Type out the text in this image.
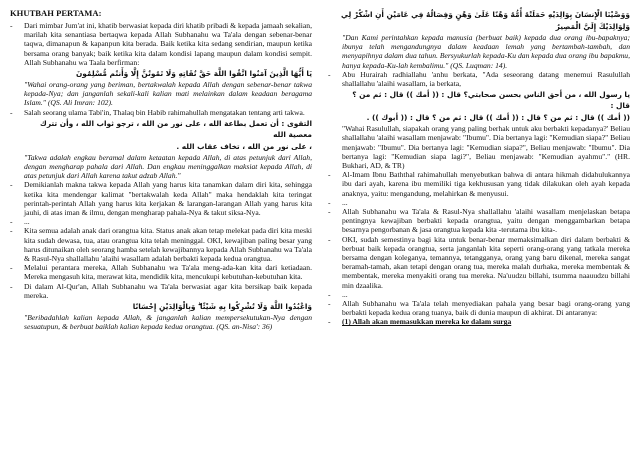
KHUTBAH PERTAMA:
-	Dari mimbar Jum'at ini, khatib berwasiat kepada diri khatib pribadi & kepada jamaah sekalian, marilah kita senantiasa bertaqwa kepada Allah Subhanahu wa Ta'ala dengan sebenar-benar taqwa, dimanapun & kapanpun kita berada. Baik ketika kita sedang sendirian, maupun ketika bersama orang banyak; baik ketika kita dalam kondisi lapang maupun dalam kondisi sempit. Allah Subhanahu wa Taala berfirman:

يَا أَيُّهَا الَّذِينَ آمَنُوا اتَّقُوا اللَّهَ حَقَّ تُقَاتِهِ وَلَا تَمُوتُنَّ إِلَّا وَأَنتُم مُّسْلِمُونَ

"Wahai orang-orang yang beriman, bertakwalah kepada Allah dengan sebenar-benar takwa kepada-Nya; dan janganlah sekali-kali kalian mati melainkan dalam keadaan beragama Islam." (QS. Ali Imran: 102).

-	Salah seorang ulama Tabi'in, Thalaq bin Habib rahimahullah mengatakan tentang arti takwa.

التقوى : أن تعمل بطاعة الله ، على نور من الله ، ترجو ثواب الله ، وأن تترك معصية الله
، على نور من الله ، تخاف عقاب الله .

"Takwa adalah engkau beramal dalam ketaatan kepada Allah, di atas petunjuk dari Allah, dengan mengharap pahala dari Allah. Dan engkau meninggalkan maksiat kepada Allah, di atas petunjuk dari Allah karena takut adzab Allah."

-	Demikianlah makna takwa kepada Allah yang harus kita tanamkan dalam diri kita, sehingga ketika kita mendengar kalimat "bertakwalah keda Allah" maka hendaklah kita teringat perintah-perintah Allah yang harus kita kerjakan & larangan-larangan Allah yang harus kita jauhi, di atas iman & ilmu, dengan mengharap pahala-Nya & takut siksa-Nya.

-	...

-	Kita semua adalah anak dari orangtua kita. Status anak akan tetap melekat pada diri kita meski kita sudah dewasa, tua, atau orangtua kita telah meninggal. OKI, kewajiban paling besar yang harus ditunaikan oleh seorang hamba setelah kewajibannya kepada Allah Subhanahu wa Ta'ala & Rasul-Nya shallallahu 'alaihi wasallam adalah berbakti kepada kedua orangtua.

-	Melalui perantara mereka, Allah Subhanahu wa Ta'ala meng-ada-kan kita dari ketiadaan. Mereka mengasuh kita, merawat kita, mendidik kita, mencukupi kebutuhan-kebutuhan kita.

-	Di dalam Al-Qur'an, Allah Subhanahu wa Ta'ala berwasiat agar kita bersikap baik kepada mereka.

وَاعْبُدُوا اللَّهَ وَلَا تُشْرِكُوا بِهِ شَيْئًا ۖ وَبِالْوَالِدَيْنِ إِحْسَانًا

"Beribadahlah kalian kepada Allah, & janganlah kalian mempersekutukan-Nya dengan sesuatupun, & berbuat baiklah kalian kepada kedua orangtua. (QS. an-Nisa': 36)

وَوَصَّيْنَا الْإِنسَانَ بِوَالِدَيْهِ حَمَلَتْهُ أُمُّهُ وَهْنًا عَلَىٰ وَهْنٍ وَفِصَالُهُ فِي عَامَيْنِ أَنِ اشْكُرْ لِي
وَلِوَالِدَيْكَ إِلَيَّ الْمَصِيرُ

"Dan Kami perintahkan kepada manusia (berbuat baik) kepada dua orang ibu-bapaknya; ibunya telah mengandungnya dalam keadaan lemah yang bertambah-tambah, dan menyapihnya dalam dua tahun. Bersyukurlah kepada-Ku dan kepada dua orang ibu bapakmu, hanya kepada-Ku-lah kembalimu." (QS. Luqman: 14).

-	Abu Hurairah radhiallahu 'anhu berkata, "Ada seseorang datang menemui Rasulullah shallallahu 'alaihi wasallam, ia berkata,

يا رسول الله ، من أحق الناس بحسن صحابتي؟ قال : (( أمك )) قال : ثم من ؟ قال :
(( أمك )) قال : ثم من ؟ قال : (( أمك )) قال : ثم من ؟ قال : (( أبوك )) .

"Wahai Rasulullah, siapakah orang yang paling berhak untuk aku berbakti kepadanya?' Beliau shallallahu 'alaihi wasallam menjawab: "Ibumu". Dia bertanya lagi: "Kemudian siapa?" Beliau menjawab: "Ibumu". Dia bertanya lagi: "Kemudian siapa?", Beliau menjawab: "Ibumu". Dia bertanya lagi: "Kemudian siapa lagi?", Beliau menjawab: "Kemudian ayahmu"." (HR. Bukhari, AD, & TR)

-	Al-Imam Ibnu Baththal rahimahullah menyebutkan bahwa di antara hikmah didahulukannya ibu dari ayah, karena ibu memiliki tiga kekhususan yang tidak dilakukan oleh ayah kepada anaknya, yaitu: mengandung, melahirkan & menyusui.

-	...

-	Allah Subhanahu wa Ta'ala & Rasul-Nya shallallahu 'alaihi wasallam menjelaskan betapa pentingnya kewajiban berbakti kepada orangtua, yaitu dengan menggambarkan betapa besarnya pengorbanan & jasa orangtua kepada kita -terutama ibu kita-.

-	OKI, sudah semestinya bagi kita untuk benar-benar memaksimalkan diri dalam berbakti & berbuat baik kepada orangtua, serta janganlah kita seperti orang-orang yang tatkala mereka bersama dengan koleganya, temannya, tetangganya, orang yang baru dikenal, mereka sangat beramah-tamah, akan tetapi dengan orang tua, mereka malah durhaka, mereka membentak & membentak, mereka menyakiti orang tua mereka. Na'uudzu billahi, tsumma naauudzu billahi min dzaalika.

-	...

-	Allah Subhanahu wa Ta'ala telah menyediakan pahala yang besar bagi orang-orang yang berbakti kepada kedua orang tuanya, baik di dunia maupun di akhirat. Di antaranya:

-	(1) Allah akan memasukkan mereka ke dalam surga
